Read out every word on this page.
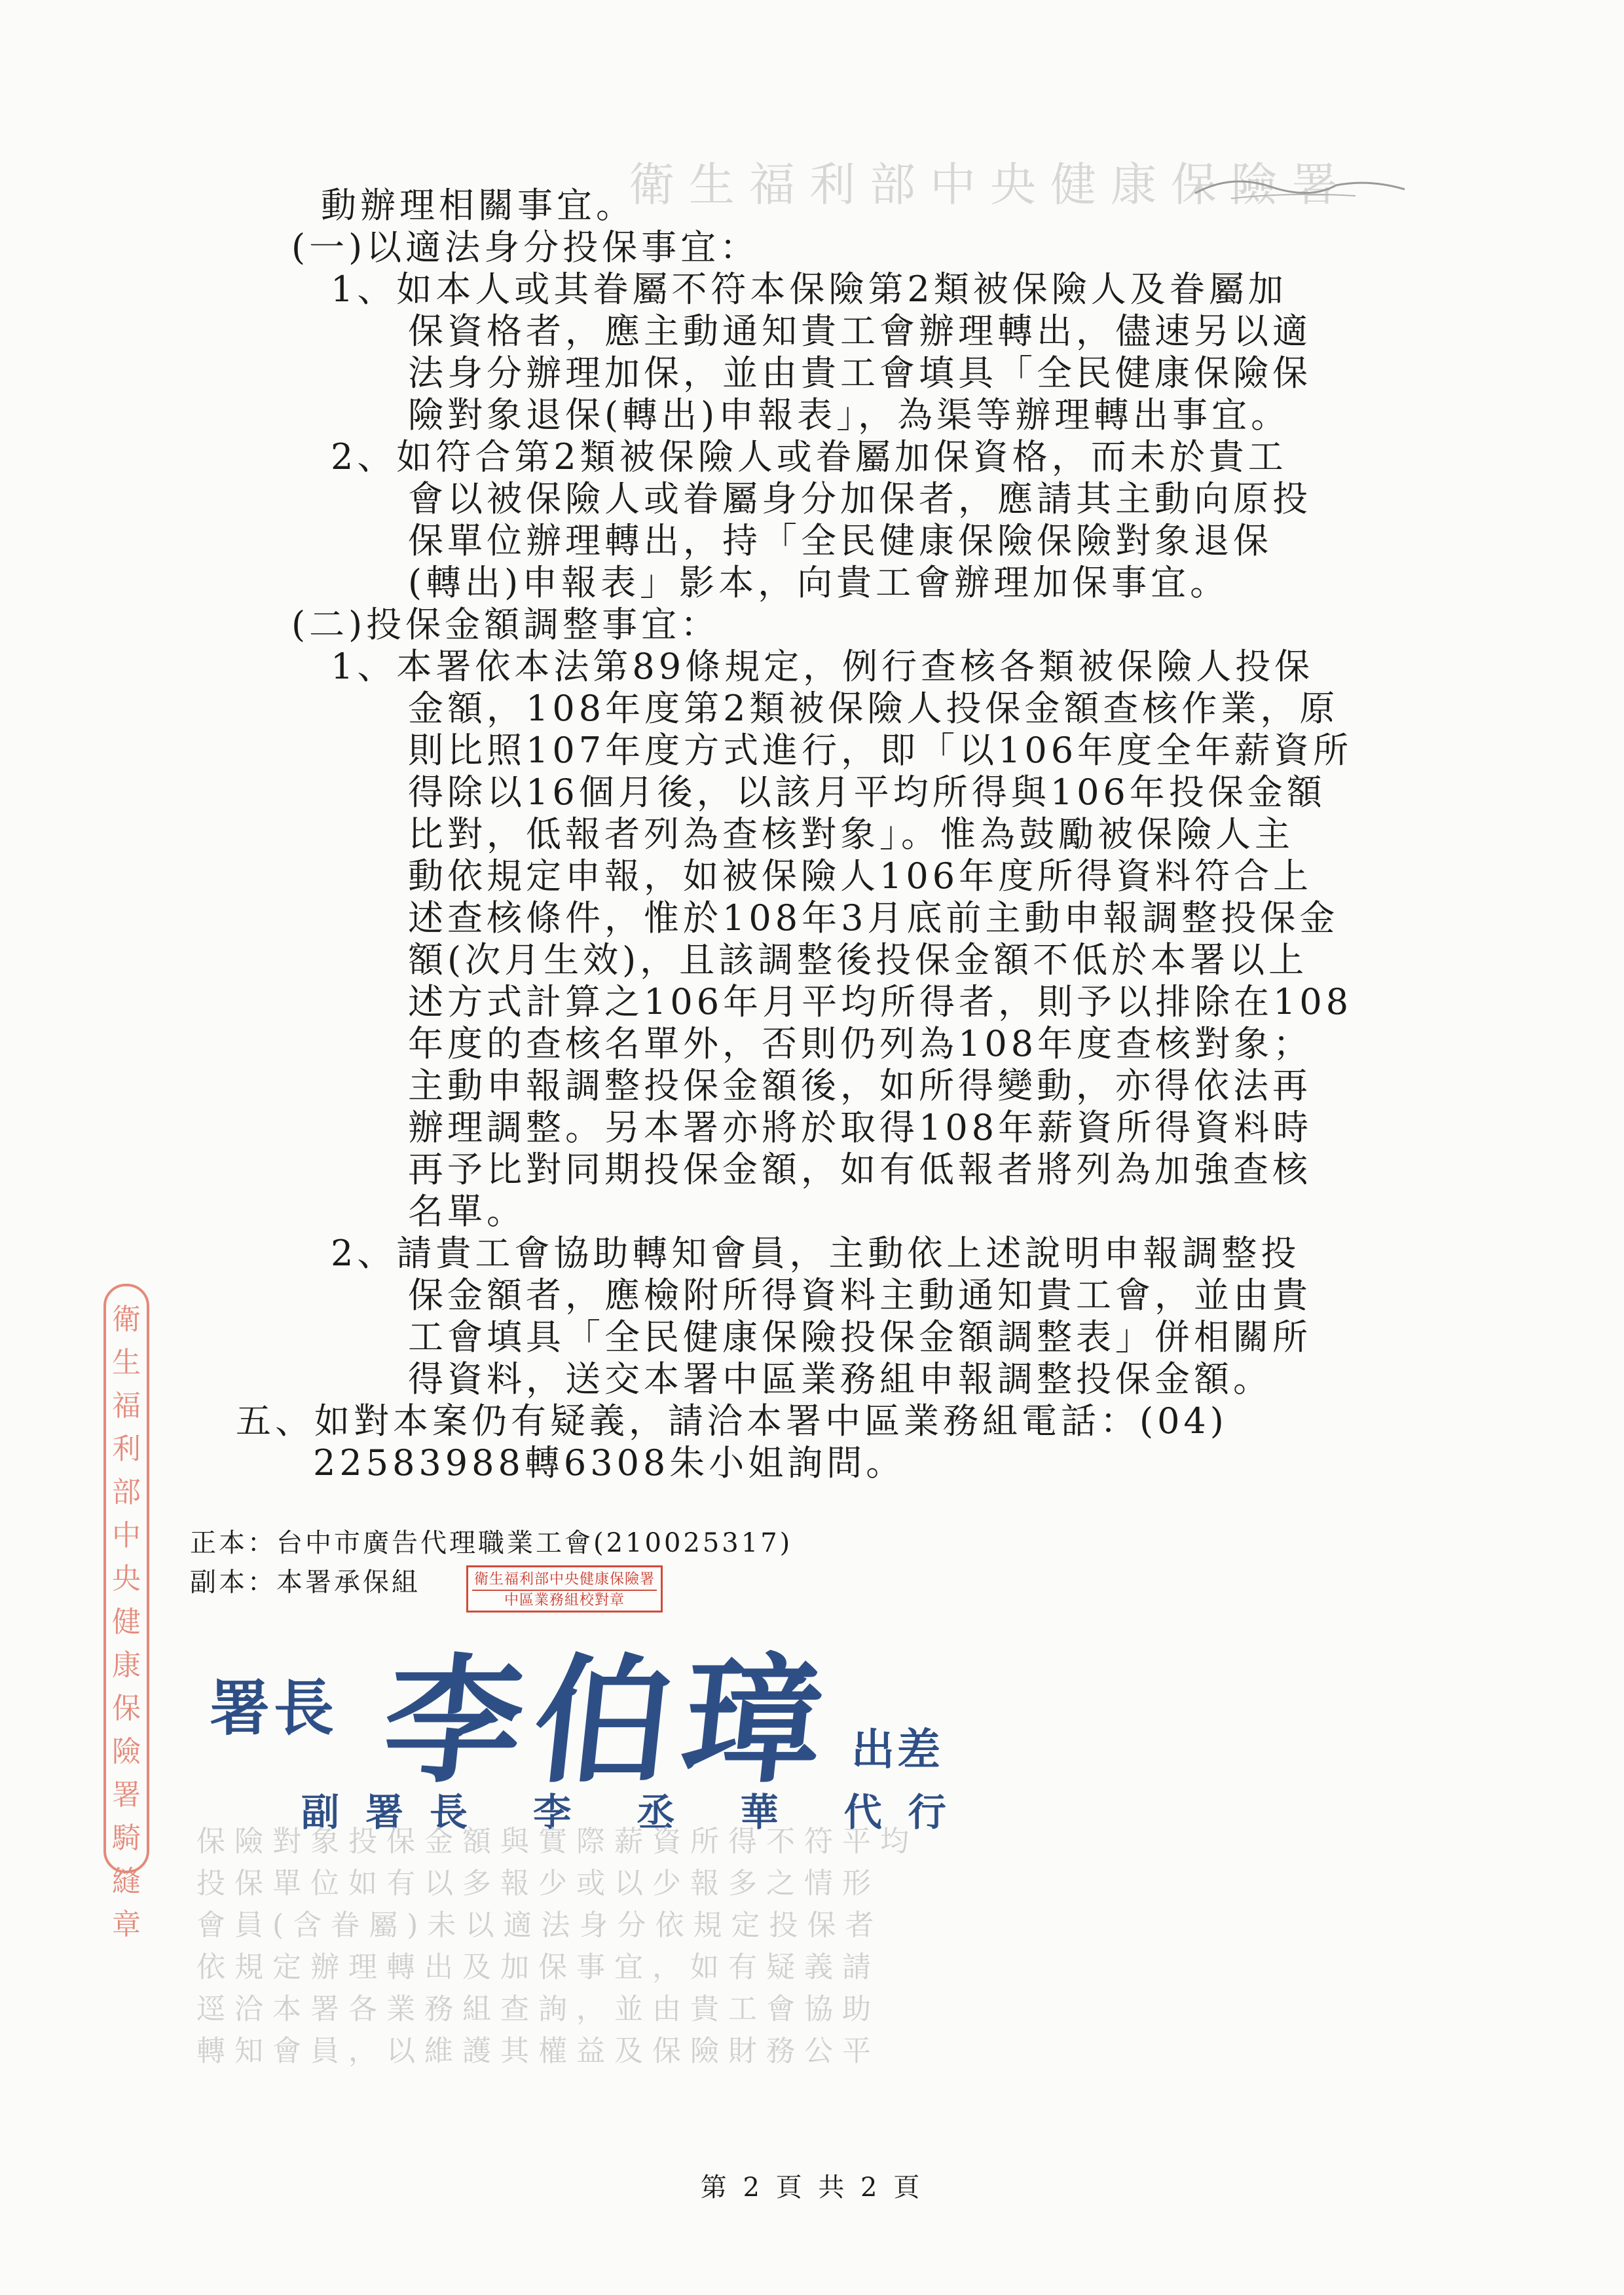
衛生福利部中央健康保險署
動辦理相關事宜。
(一)以適法身分投保事宜：
1、如本人或其眷屬不符本保險第2類被保險人及眷屬加
保資格者，應主動通知貴工會辦理轉出，儘速另以適
法身分辦理加保，並由貴工會填具「全民健康保險保
險對象退保(轉出)申報表」，為渠等辦理轉出事宜。
2、如符合第2類被保險人或眷屬加保資格，而未於貴工
會以被保險人或眷屬身分加保者，應請其主動向原投
保單位辦理轉出，持「全民健康保險保險對象退保
(轉出)申報表」影本，向貴工會辦理加保事宜。
(二)投保金額調整事宜：
1、本署依本法第89條規定，例行查核各類被保險人投保
金額，108年度第2類被保險人投保金額查核作業，原
則比照107年度方式進行，即「以106年度全年薪資所
得除以16個月後，以該月平均所得與106年投保金額
比對，低報者列為查核對象」。惟為鼓勵被保險人主
動依規定申報，如被保險人106年度所得資料符合上
述查核條件，惟於108年3月底前主動申報調整投保金
額(次月生效)，且該調整後投保金額不低於本署以上
述方式計算之106年月平均所得者，則予以排除在108
年度的查核名單外，否則仍列為108年度查核對象；
主動申報調整投保金額後，如所得變動，亦得依法再
辦理調整。另本署亦將於取得108年薪資所得資料時
再予比對同期投保金額，如有低報者將列為加強查核
名單。
2、請貴工會協助轉知會員，主動依上述說明申報調整投
保金額者，應檢附所得資料主動通知貴工會，並由貴
工會填具「全民健康保險投保金額調整表」併相關所
得資料，送交本署中區業務組申報調整投保金額。
五、如對本案仍有疑義，請洽本署中區業務組電話：(04)
22583988轉6308朱小姐詢問。
正本：台中市廣告代理職業工會(210025317)
副本：本署承保組	衛生福利部中央健康保險署
中區業務組校對章
署長 李伯璋 出差
副署長 李 丞 華 代行
衛
生
福
利
部
中
央
健
康
保
險
署
騎
縫
章
保險對象投保金額與實際薪資所得不符平均
投保單位如有以多報少或以少報多之情形
會員(含眷屬)未以適法身分依規定投保者
依規定辦理轉出及加保事宜，如有疑義請
逕洽本署各業務組查詢，並由貴工會協助
轉知會員，以維護其權益及保險財務公平
第 2 頁 共 2 頁
